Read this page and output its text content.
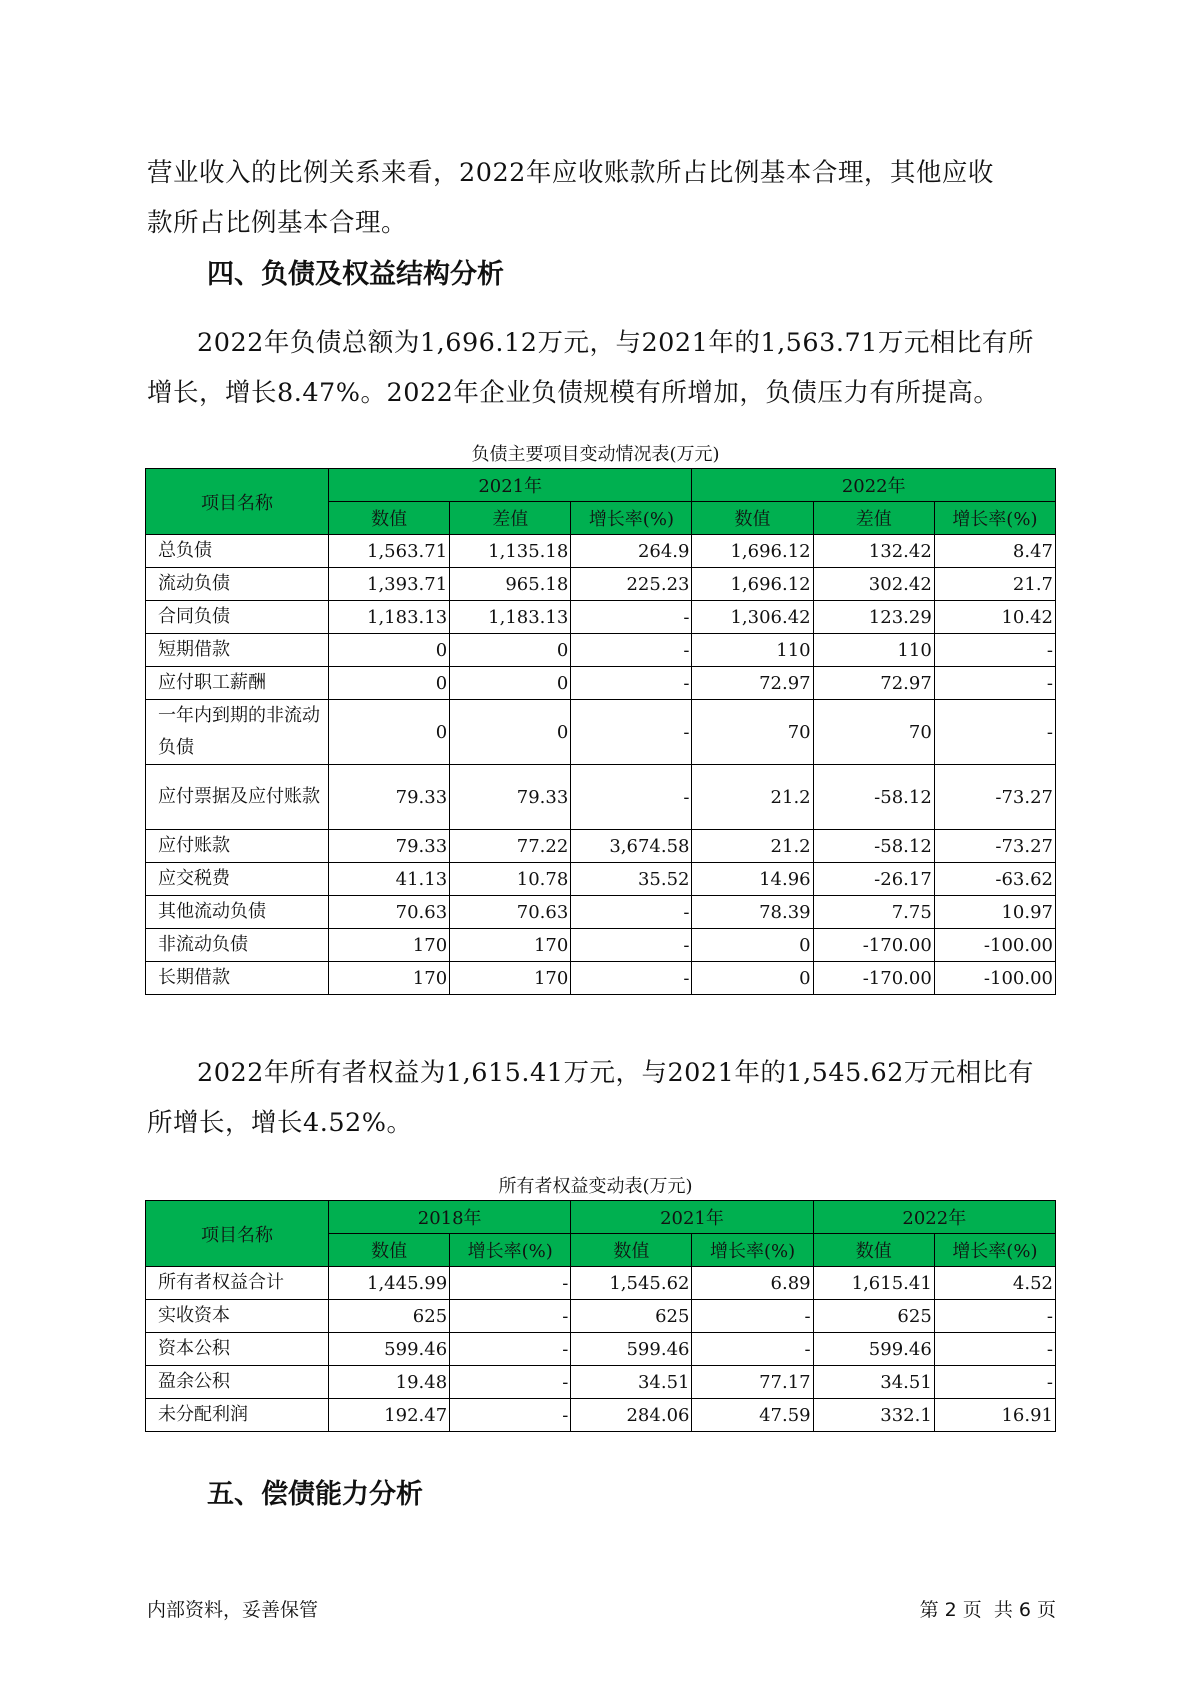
营业收入的比例关系来看，2022年应收账款所占比例基本合理，其他应收
款所占比例基本合理。

四、负债及权益结构分析

2022年负债总额为1,696.12万元，与2021年的1,563.71万元相比有所
增长，增长8.47%。2022年企业负债规模有所增加，负债压力有所提高。

负债主要项目变动情况表(万元)

项目名称	2021年			2022年		
	数值	差值	增长率(%)	数值	差值	增长率(%)
总负债	1,563.71	1,135.18	264.9	1,696.12	132.42	8.47
流动负债	1,393.71	965.18	225.23	1,696.12	302.42	21.7
合同负债	1,183.13	1,183.13	-	1,306.42	123.29	10.42
短期借款	0	0	-	110	110	-
应付职工薪酬	0	0	-	72.97	72.97	-
一年内到期的非流动负债	0	0	-	70	70	-
应付票据及应付账款	79.33	79.33	-	21.2	-58.12	-73.27
应付账款	79.33	77.22	3,674.58	21.2	-58.12	-73.27
应交税费	41.13	10.78	35.52	14.96	-26.17	-63.62
其他流动负债	70.63	70.63	-	78.39	7.75	10.97
非流动负债	170	170	-	0	-170.00	-100.00
长期借款	170	170	-	0	-170.00	-100.00

2022年所有者权益为1,615.41万元，与2021年的1,545.62万元相比有
所增长，增长4.52%。

所有者权益变动表(万元)

项目名称	2018年		2021年		2022年	
	数值	增长率(%)	数值	增长率(%)	数值	增长率(%)
所有者权益合计	1,445.99	-	1,545.62	6.89	1,615.41	4.52
实收资本	625	-	625	-	625	-
资本公积	599.46	-	599.46	-	599.46	-
盈余公积	19.48	-	34.51	77.17	34.51	-
未分配利润	192.47	-	284.06	47.59	332.1	16.91
五、偿债能力分析

内部资料，妥善保管	第 2 页  共 6 页
